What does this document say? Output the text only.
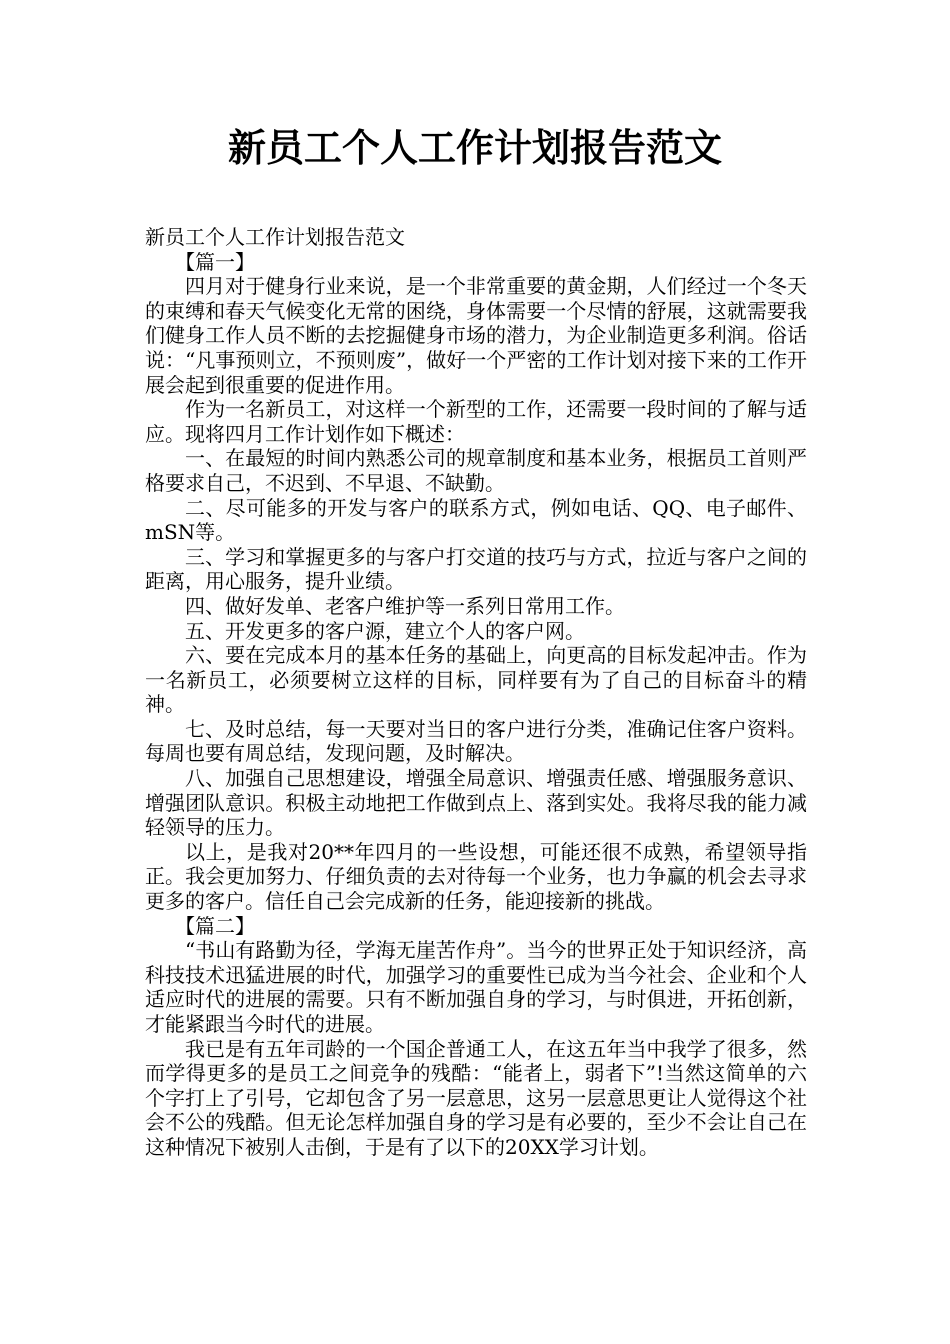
新员工个人工作计划报告范文

新员工个人工作计划报告范文

【篇一】

四月对于健身行业来说，是一个非常重要的黄金期，人们经过一个冬天的束缚和春天气候变化无常的困绕，身体需要一个尽情的舒展，这就需要我们健身工作人员不断的去挖掘健身市场的潜力，为企业制造更多利润。俗话说：“凡事预则立，不预则废”，做好一个严密的工作计划对接下来的工作开展会起到很重要的促进作用。

作为一名新员工，对这样一个新型的工作，还需要一段时间的了解与适应。现将四月工作计划作如下概述：

一、在最短的时间内熟悉公司的规章制度和基本业务，根据员工首则严格要求自己，不迟到、不早退、不缺勤。

二、尽可能多的开发与客户的联系方式，例如电话、QQ、电子邮件、mSN等。

三、学习和掌握更多的与客户打交道的技巧与方式，拉近与客户之间的距离，用心服务，提升业绩。

四、做好发单、老客户维护等一系列日常用工作。

五、开发更多的客户源，建立个人的客户网。

六、要在完成本月的基本任务的基础上，向更高的目标发起冲击。作为一名新员工，必须要树立这样的目标，同样要有为了自己的目标奋斗的精神。

七、及时总结，每一天要对当日的客户进行分类，准确记住客户资料。每周也要有周总结，发现问题，及时解决。

八、加强自己思想建设，增强全局意识、增强责任感、增强服务意识、增强团队意识。积极主动地把工作做到点上、落到实处。我将尽我的能力减轻领导的压力。

以上，是我对20**年四月的一些设想，可能还很不成熟，希望领导指正。我会更加努力、仔细负责的去对待每一个业务，也力争赢的机会去寻求更多的客户。信任自己会完成新的任务，能迎接新的挑战。

【篇二】

“书山有路勤为径，学海无崖苦作舟”。当今的世界正处于知识经济，高科技技术迅猛进展的时代，加强学习的重要性已成为当今社会、企业和个人适应时代的进展的需要。只有不断加强自身的学习，与时俱进，开拓创新，才能紧跟当今时代的进展。

我已是有五年司龄的一个国企普通工人，在这五年当中我学了很多，然而学得更多的是员工之间竞争的残酷：“能者上，弱者下”!当然这简单的六个字打上了引号，它却包含了另一层意思，这另一层意思更让人觉得这个社会不公的残酷。但无论怎样加强自身的学习是有必要的，至少不会让自己在这种情况下被别人击倒，于是有了以下的20XX学习计划。
